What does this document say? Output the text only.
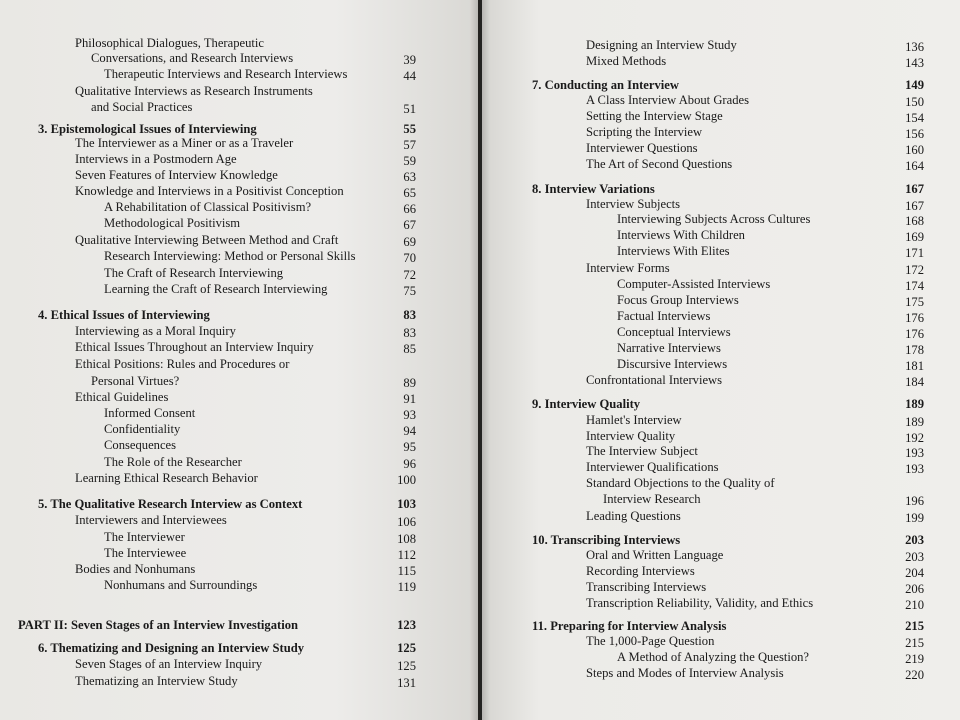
Philosophical Dialogues, Therapeutic
Conversations, and Research Interviews	39
Therapeutic Interviews and Research Interviews	44
Qualitative Interviews as Research Instruments
and Social Practices	51
3. Epistemological Issues of Interviewing	55
The Interviewer as a Miner or as a Traveler	57
Interviews in a Postmodern Age	59
Seven Features of Interview Knowledge	63
Knowledge and Interviews in a Positivist Conception	65
A Rehabilitation of Classical Positivism?	66
Methodological Positivism	67
Qualitative Interviewing Between Method and Craft	69
Research Interviewing: Method or Personal Skills	70
The Craft of Research Interviewing	72
Learning the Craft of Research Interviewing	75
4. Ethical Issues of Interviewing	83
Interviewing as a Moral Inquiry	83
Ethical Issues Throughout an Interview Inquiry	85
Ethical Positions: Rules and Procedures or
Personal Virtues?	89
Ethical Guidelines	91
Informed Consent	93
Confidentiality	94
Consequences	95
The Role of the Researcher	96
Learning Ethical Research Behavior	100
5. The Qualitative Research Interview as Context	103
Interviewers and Interviewees	106
The Interviewer	108
The Interviewee	112
Bodies and Nonhumans	115
Nonhumans and Surroundings	119
PART II: Seven Stages of an Interview Investigation	123
6. Thematizing and Designing an Interview Study	125
Seven Stages of an Interview Inquiry	125
Thematizing an Interview Study	131
Designing an Interview Study	136
Mixed Methods	143
7. Conducting an Interview	149
A Class Interview About Grades	150
Setting the Interview Stage	154
Scripting the Interview	156
Interviewer Questions	160
The Art of Second Questions	164
8. Interview Variations	167
Interview Subjects	167
Interviewing Subjects Across Cultures	168
Interviews With Children	169
Interviews With Elites	171
Interview Forms	172
Computer-Assisted Interviews	174
Focus Group Interviews	175
Factual Interviews	176
Conceptual Interviews	176
Narrative Interviews	178
Discursive Interviews	181
Confrontational Interviews	184
9. Interview Quality	189
Hamlet's Interview	189
Interview Quality	192
The Interview Subject	193
Interviewer Qualifications	193
Standard Objections to the Quality of
Interview Research	196
Leading Questions	199
10. Transcribing Interviews	203
Oral and Written Language	203
Recording Interviews	204
Transcribing Interviews	206
Transcription Reliability, Validity, and Ethics	210
11. Preparing for Interview Analysis	215
The 1,000-Page Question	215
A Method of Analyzing the Question?	219
Steps and Modes of Interview Analysis	220
